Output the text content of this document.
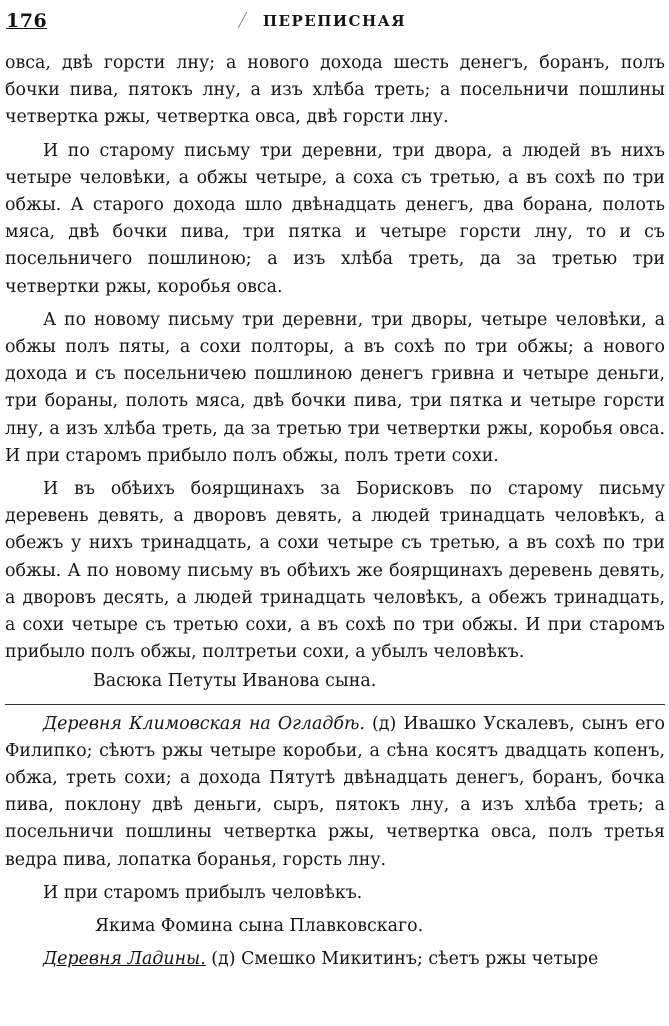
176	ПЕРЕПИСНАЯ

овса, двѣ горсти лну; а нового дохода шесть денегъ, боранъ, полъ бочки пива, пятокъ лну, а изъ хлѣба треть; а посельничи пошлины четвертка ржы, четвертка овса, двѣ горсти лну.

И по старому письму три деревни, три двора, а людей въ нихъ четыре человѣки, а обжы четыре, а соха съ третью, а въ сохѣ по три обжы. А старого дохода шло двѣнадцать денегъ, два борана, полоть мяса, двѣ бочки пива, три пятка и четыре горсти лну, то и съ посельничего пошлиною; а изъ хлѣба треть, да за третью три четвертки ржы, коробья овса.

А по новому письму три деревни, три дворы, четыре человѣки, а обжы полъ пяты, а сохи полторы, а въ сохѣ по три обжы; а нового дохода и съ посельничею пошлиною денегъ гривна и четыре деньги, три бораны, полоть мяса, двѣ бочки пива, три пятка и четыре горсти лну, а изъ хлѣба треть, да за третью три четвертки ржы, коробья овса. И при старомъ прибыло полъ обжы, полъ трети сохи.

И въ обѣихъ боярщинахъ за Борисковъ по старому письму деревень девять, а дворовъ девять, а людей тринадцать человѣкъ, а обежъ у нихъ тринадцать, а сохи четыре съ третью, а въ сохѣ по три обжы. А по новому письму въ обѣихъ же боярщинахъ деревень девять, а дворовъ десять, а людей тринадцать человѣкъ, а обежъ тринадцать, а сохи четыре съ третью сохи, а въ сохѣ по три обжы. И при старомъ прибыло полъ обжы, полтретьи сохи, а убылъ человѣкъ.

Васюка Петуты Иванова сына.

Деревня Климовская на Огладбѣ. (д) Ивашко Ускалевъ, сынъ его Филипко; сѣютъ ржы четыре коробьи, а сѣна косятъ двадцать копенъ, обжа, треть сохи; а дохода Пятутѣ двѣнадцать денегъ, боранъ, бочка пива, поклону двѣ деньги, сыръ, пятокъ лну, а изъ хлѣба треть; а посельничи пошлины четвертка ржы, четвертка овса, полъ третья ведра пива, лопатка боранья, горсть лну.

И при старомъ прибылъ человѣкъ.

Якима Фомина сына Плавковскаго.

Деревня Ладины. (д) Смешко Микитинъ; сѣетъ ржы четыре
